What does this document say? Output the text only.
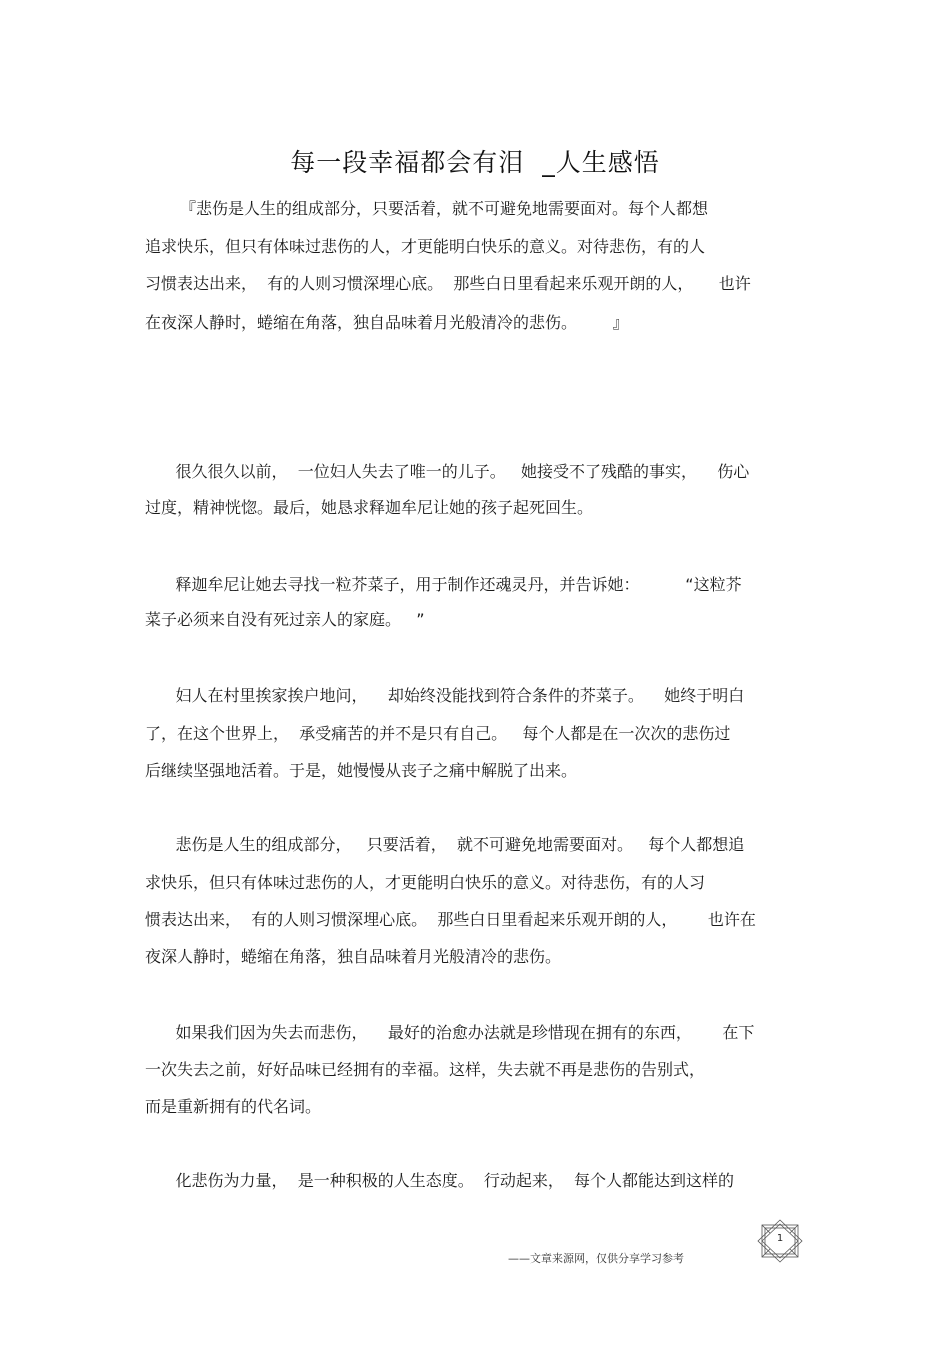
每一段幸福都会有泪  _人生感悟
『悲伤是人生的组成部分，只要活着，就不可避免地需要面对。每个人都想
追求快乐，但只有体味过悲伤的人，才更能明白快乐的意义。对待悲伤，有的人
习惯表达出来，  有的人则习惯深埋心底。  那些白日里看起来乐观开朗的人，     也许
在夜深人静时，蜷缩在角落，独自品味着月光般清冷的悲伤。       』
很久很久以前，  一位妇人失去了唯一的儿子。   她接受不了残酷的事实，    伤心
过度，精神恍惚。最后，她恳求释迦牟尼让她的孩子起死回生。
释迦牟尼让她去寻找一粒芥菜子，用于制作还魂灵丹，并告诉她：         “这粒芥
菜子必须来自没有死过亲人的家庭。   ”
妇人在村里挨家挨户地问，    却始终没能找到符合条件的芥菜子。    她终于明白
了，在这个世界上，  承受痛苦的并不是只有自己。   每个人都是在一次次的悲伤过
后继续坚强地活着。于是，她慢慢从丧子之痛中解脱了出来。
悲伤是人生的组成部分，   只要活着，  就不可避免地需要面对。   每个人都想追
求快乐，但只有体味过悲伤的人，才更能明白快乐的意义。对待悲伤，有的人习
惯表达出来，  有的人则习惯深埋心底。  那些白日里看起来乐观开朗的人，      也许在
夜深人静时，蜷缩在角落，独自品味着月光般清冷的悲伤。
如果我们因为失去而悲伤，    最好的治愈办法就是珍惜现在拥有的东西，      在下
一次失去之前，好好品味已经拥有的幸福。这样，失去就不再是悲伤的告别式，
而是重新拥有的代名词。
化悲伤为力量，  是一种积极的人生态度。  行动起来，  每个人都能达到这样的
——文章来源网，仅供分享学习参考
1
